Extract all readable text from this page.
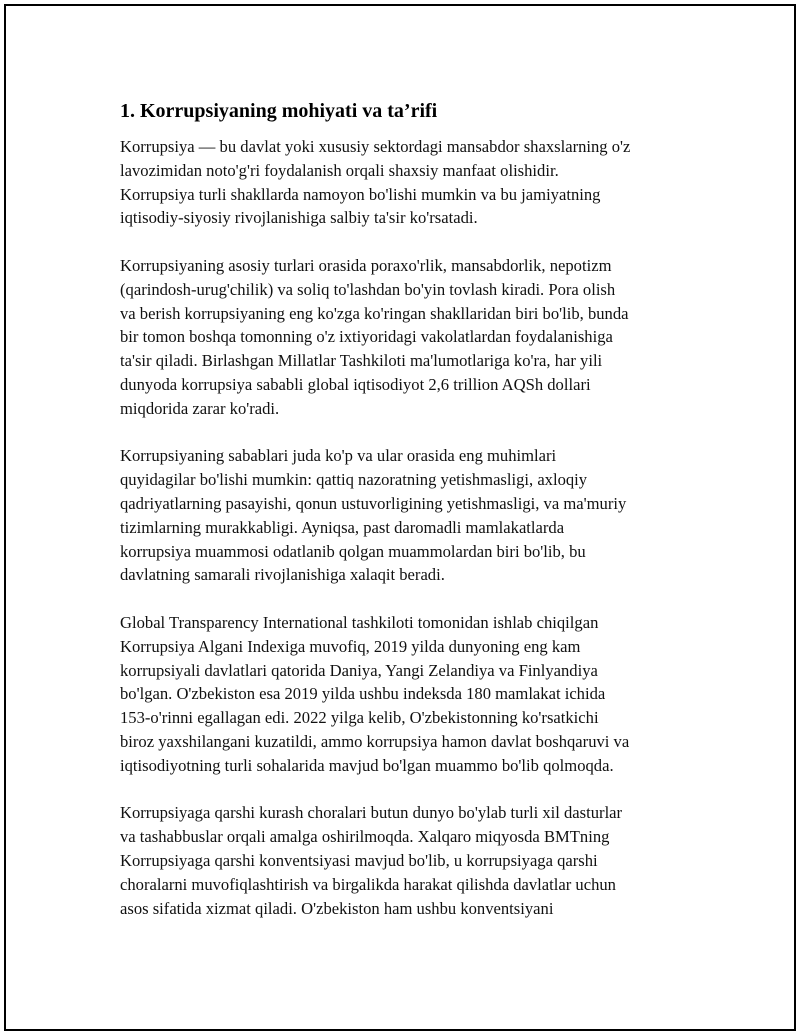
1. Korrupsiyaning mohiyati va ta’rifi

Korrupsiya — bu davlat yoki xususiy sektordagi mansabdor shaxslarning o'z
lavozimidan noto'g'ri foydalanish orqali shaxsiy manfaat olishidir.
Korrupsiya turli shakllarda namoyon bo'lishi mumkin va bu jamiyatning
iqtisodiy-siyosiy rivojlanishiga salbiy ta'sir ko'rsatadi.

Korrupsiyaning asosiy turlari orasida poraxo'rlik, mansabdorlik, nepotizm
(qarindosh-urug'chilik) va soliq to'lashdan bo'yin tovlash kiradi. Pora olish
va berish korrupsiyaning eng ko'zga ko'ringan shakllaridan biri bo'lib, bunda
bir tomon boshqa tomonning o'z ixtiyoridagi vakolatlardan foydalanishiga
ta'sir qiladi. Birlashgan Millatlar Tashkiloti ma'lumotlariga ko'ra, har yili
dunyoda korrupsiya sababli global iqtisodiyot 2,6 trillion AQSh dollari
miqdorida zarar ko'radi.

Korrupsiyaning sabablari juda ko'p va ular orasida eng muhimlari
quyidagilar bo'lishi mumkin: qattiq nazoratning yetishmasligi, axloqiy
qadriyatlarning pasayishi, qonun ustuvorligining yetishmasligi, va ma'muriy
tizimlarning murakkabligi. Ayniqsa, past daromadli mamlakatlarda
korrupsiya muammosi odatlanib qolgan muammolardan biri bo'lib, bu
davlatning samarali rivojlanishiga xalaqit beradi.

Global Transparency International tashkiloti tomonidan ishlab chiqilgan
Korrupsiya Algani Indexiga muvofiq, 2019 yilda dunyoning eng kam
korrupsiyali davlatlari qatorida Daniya, Yangi Zelandiya va Finlyandiya
bo'lgan. O'zbekiston esa 2019 yilda ushbu indeksda 180 mamlakat ichida
153-o'rinni egallagan edi. 2022 yilga kelib, O'zbekistonning ko'rsatkichi
biroz yaxshilangani kuzatildi, ammo korrupsiya hamon davlat boshqaruvi va
iqtisodiyotning turli sohalarida mavjud bo'lgan muammo bo'lib qolmoqda.

Korrupsiyaga qarshi kurash choralari butun dunyo bo'ylab turli xil dasturlar
va tashabbuslar orqali amalga oshirilmoqda. Xalqaro miqyosda BMTning
Korrupsiyaga qarshi konventsiyasi mavjud bo'lib, u korrupsiyaga qarshi
choralarni muvofiqlashtirish va birgalikda harakat qilishda davlatlar uchun
asos sifatida xizmat qiladi. O'zbekiston ham ushbu konventsiyani
